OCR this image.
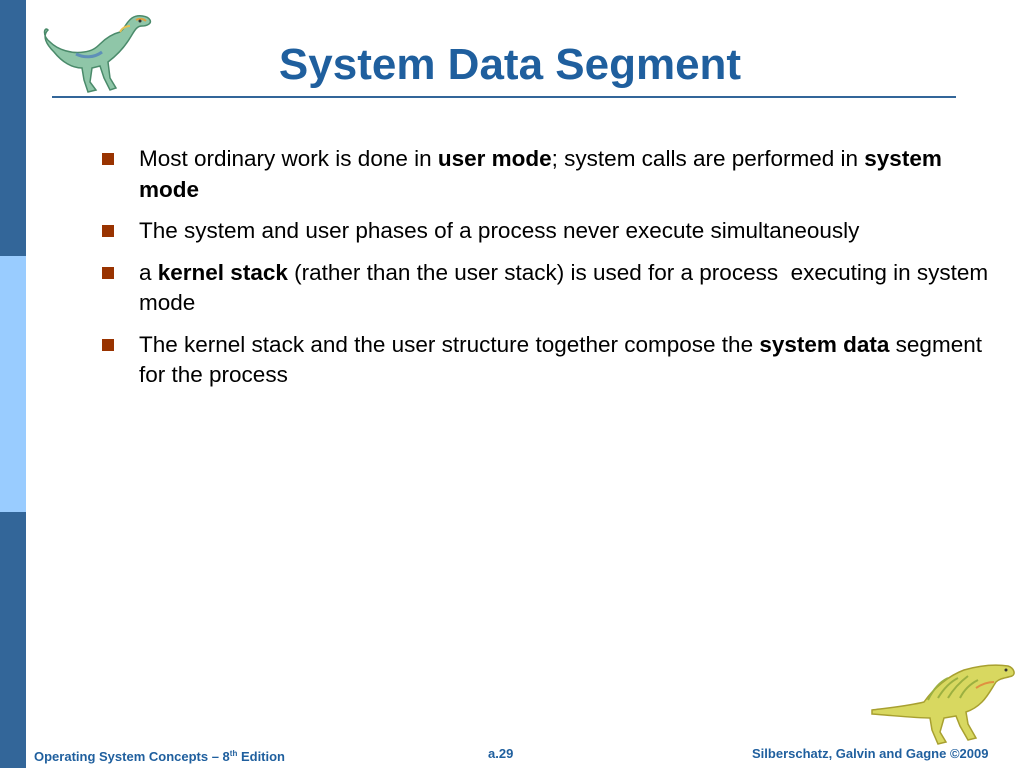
System Data Segment
Most ordinary work is done in user mode; system calls are performed in system mode
The system and user phases of a process never execute simultaneously
a kernel stack (rather than the user stack) is used for a process  executing in system mode
The kernel stack and the user structure together compose the system data segment for the process
Operating System Concepts – 8th Edition	a.29	Silberschatz, Galvin and Gagne ©2009
